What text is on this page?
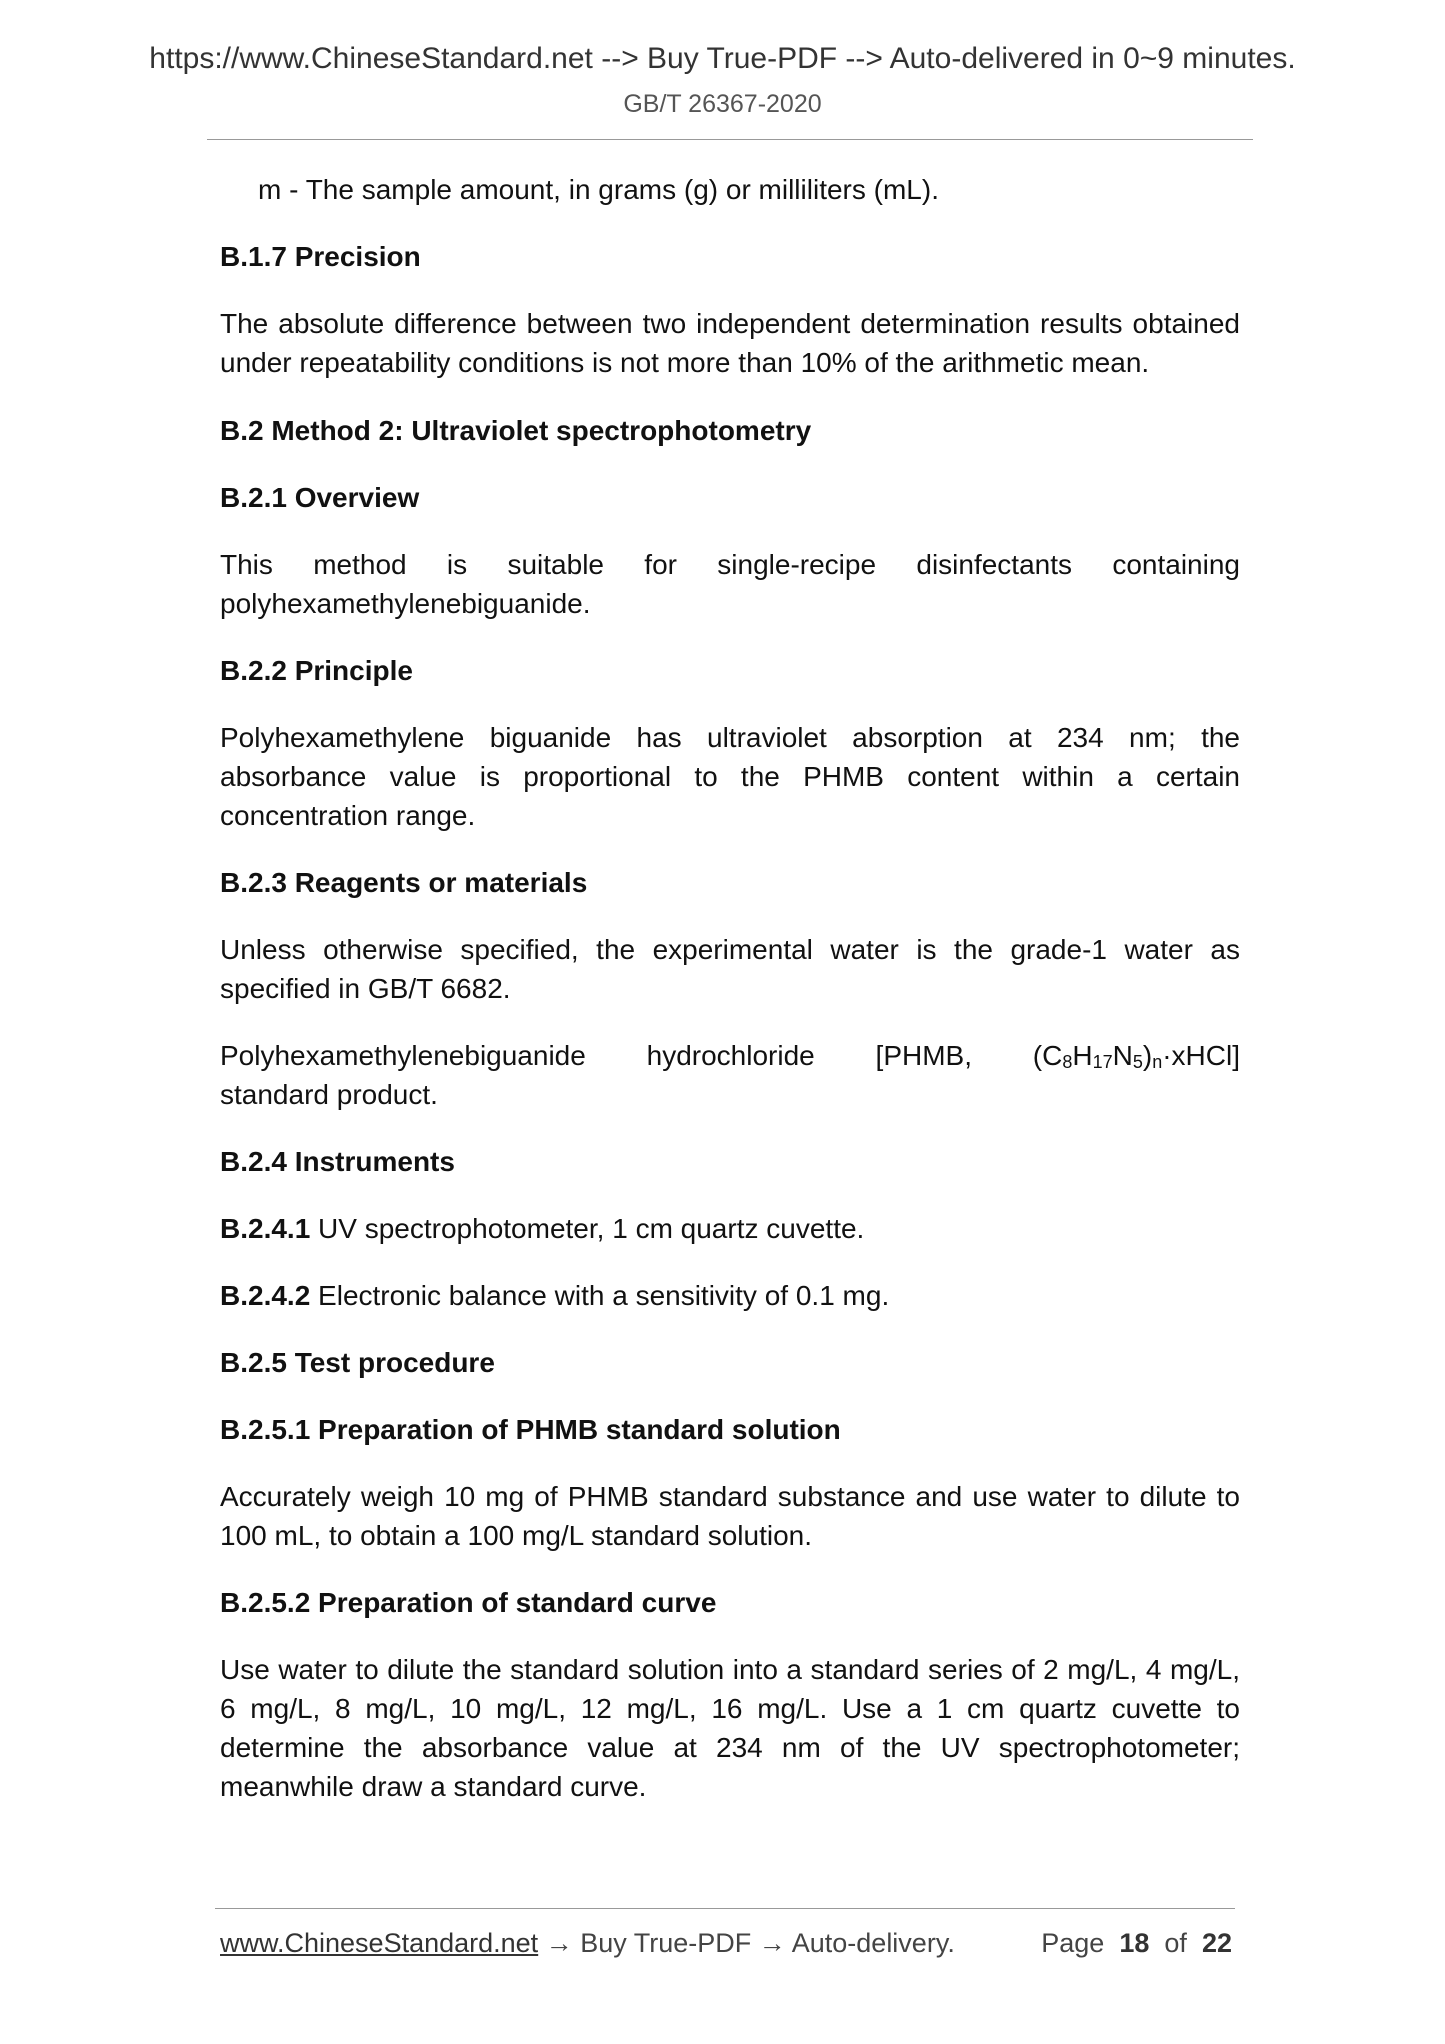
https://www.ChineseStandard.net --> Buy True-PDF --> Auto-delivered in 0~9 minutes.
GB/T 26367-2020

m - The sample amount, in grams (g) or milliliters (mL).

B.1.7 Precision

The absolute difference between two independent determination results obtained under repeatability conditions is not more than 10% of the arithmetic mean.

B.2 Method 2: Ultraviolet spectrophotometry
B.2.1 Overview

This method is suitable for single-recipe disinfectants containing polyhexamethylenebiguanide.

B.2.2 Principle

Polyhexamethylene biguanide has ultraviolet absorption at 234 nm; the absorbance value is proportional to the PHMB content within a certain concentration range.

B.2.3 Reagents or materials

Unless otherwise specified, the experimental water is the grade-1 water as specified in GB/T 6682.

Polyhexamethylenebiguanide hydrochloride [PHMB, $(C_8H_{17}N_5)_n\cdot xHCl$]

standard product.

B.2.4 Instruments

B.2.4.1 UV spectrophotometer, 1 cm quartz cuvette.

B.2.4.2 Electronic balance with a sensitivity of 0.1 mg.

B.2.5 Test procedure
B.2.5.1 Preparation of PHMB standard solution

Accurately weigh 10 mg of PHMB standard substance and use water to dilute to 100 mL, to obtain a 100 mg/L standard solution.

B.2.5.2 Preparation of standard curve

Use water to dilute the standard solution into a standard series of 2 mg/L, 4 mg/L, 6 mg/L, 8 mg/L, 10 mg/L, 12 mg/L, 16 mg/L. Use a 1 cm quartz cuvette to determine the absorbance value at 234 nm of the UV spectrophotometer; meanwhile draw a standard curve.

www.ChineseStandard.net → Buy True-PDF → Auto-delivery.	Page 18 of 22
